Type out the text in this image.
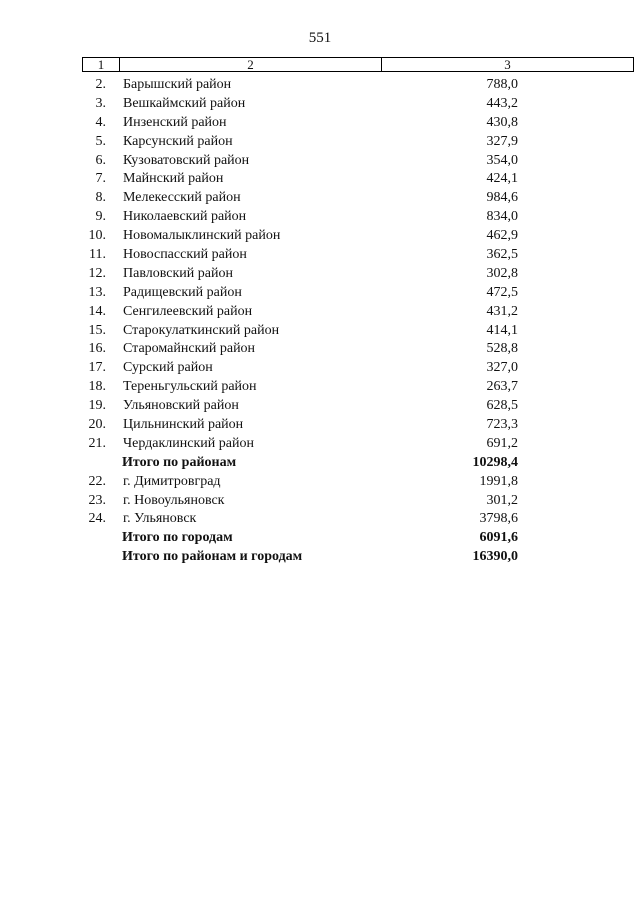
551
1	2	3
2. Барышский район	788,0
3. Вешкаймский район	443,2
4. Инзенский район	430,8
5. Карсунский район	327,9
6. Кузоватовский район	354,0
7. Майнский район	424,1
8. Мелекесский район	984,6
9. Николаевский район	834,0
10. Новомалыклинский район	462,9
11. Новоспасский район	362,5
12. Павловский район	302,8
13. Радищевский район	472,5
14. Сенгилеевский район	431,2
15. Старокулаткинский район	414,1
16. Старомайнский район	528,8
17. Сурский район	327,0
18. Тереньгульский район	263,7
19. Ульяновский район	628,5
20. Цильнинский район	723,3
21. Чердаклинский район	691,2
Итого по районам	10298,4
22. г. Димитровград	1991,8
23. г. Новоульяновск	301,2
24. г. Ульяновск	3798,6
Итого по городам	6091,6
Итого по районам и городам	16390,0
